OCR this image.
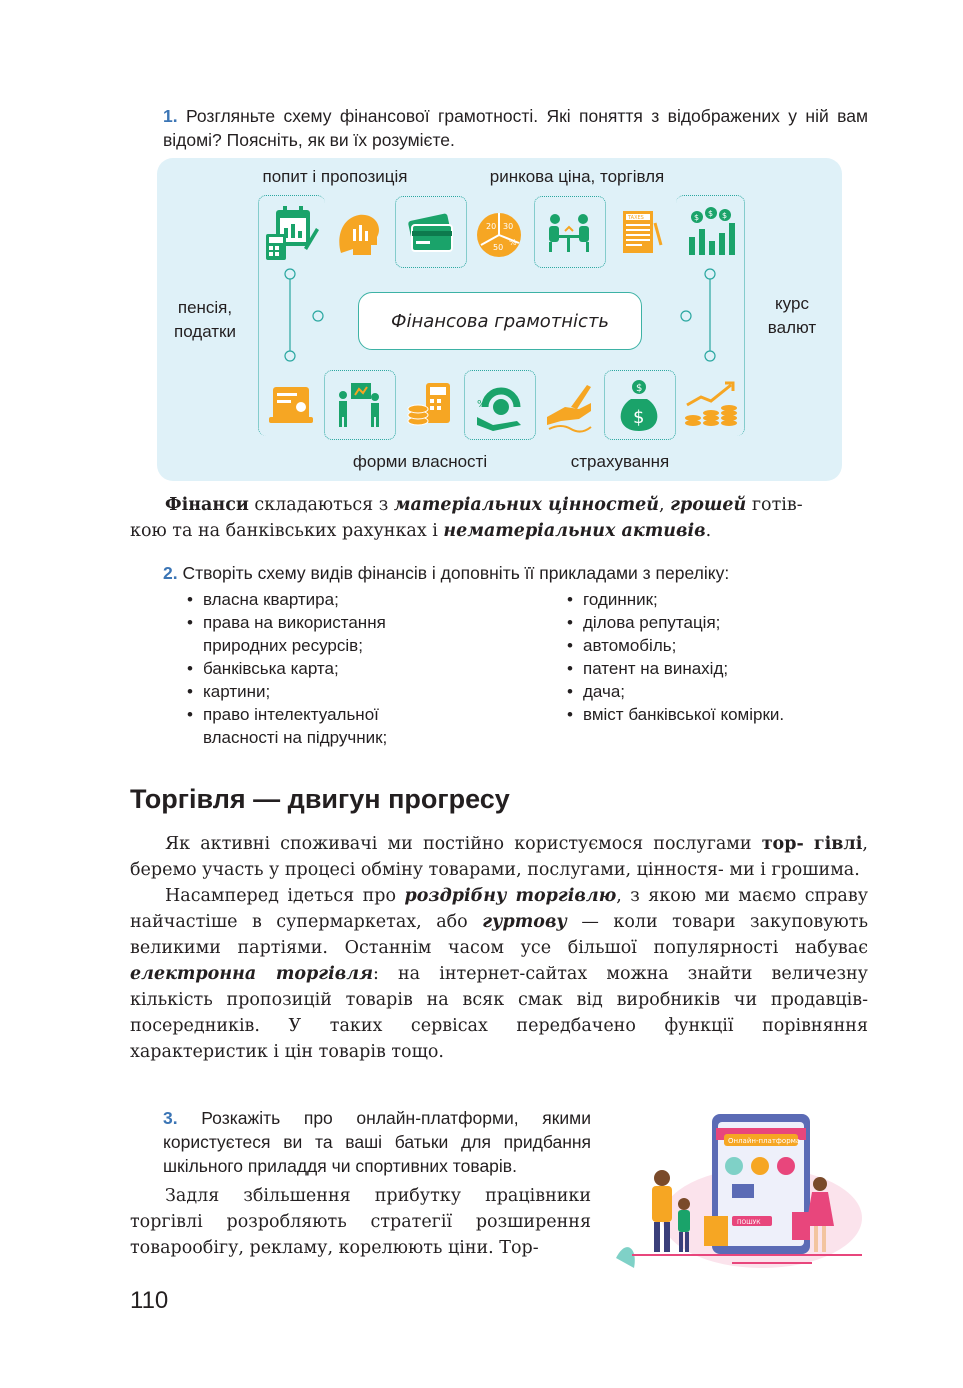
1. Розгляньте схему фінансової грамотності. Які поняття з відображених у ній вам відомі? Поясніть, як ви їх розумієте.
попит і пропозиція	ринкова ціна, торгівля
пенсія,
податки
курс
валют
форми власності	страхування
Фінансова грамотність
20 30
50
%
TAXES	$ $ $
%
$
$
Фінанси складаються з матеріальних цінностей, грошей готів-
кою та на банківських рахунках і нематеріальних активів.
2. Створіть схему видів фінансів і доповніть її прикладами з переліку:
• власна квартира;
• права на використання природних ресурсів;
• банківська карта;
• картини;
• право інтелектуальної власності на підручник;
• годинник;
• ділова репутація;
• автомобіль;
• патент на винахід;
• дача;
• вміст банківської комірки.
Торгівля — двигун прогресу

Як активні споживачі ми постійно користуємося послугами тор- гівлі, беремо участь у процесі обміну товарами, послугами, цінностя- ми і грошима.

Насамперед ідеться про роздрібну торгівлю, з якою ми маємо справу найчастіше в супермаркетах, або гуртову — коли товари закуповують великими партіями. Останнім часом усе більшої популярності набуває електронна торгівля: на інтернет-сайтах можна знайти величезну кількість пропозицій товарів на всяк смак від виробників чи продавців-посередників. У таких сервісах передбачено функції порівняння характеристик і цін товарів тощо.

3. Розкажіть про онлайн-платформи, якими користуєтеся ви та ваші батьки для придбання шкільного приладдя чи спортивних товарів.

Задля збільшення прибутку працівники торгівлі розробляють стратегії розширення товарообігу, рекламу, корелюють ціни. Тор-

Онлайн-платформа
ПОШУК
110
